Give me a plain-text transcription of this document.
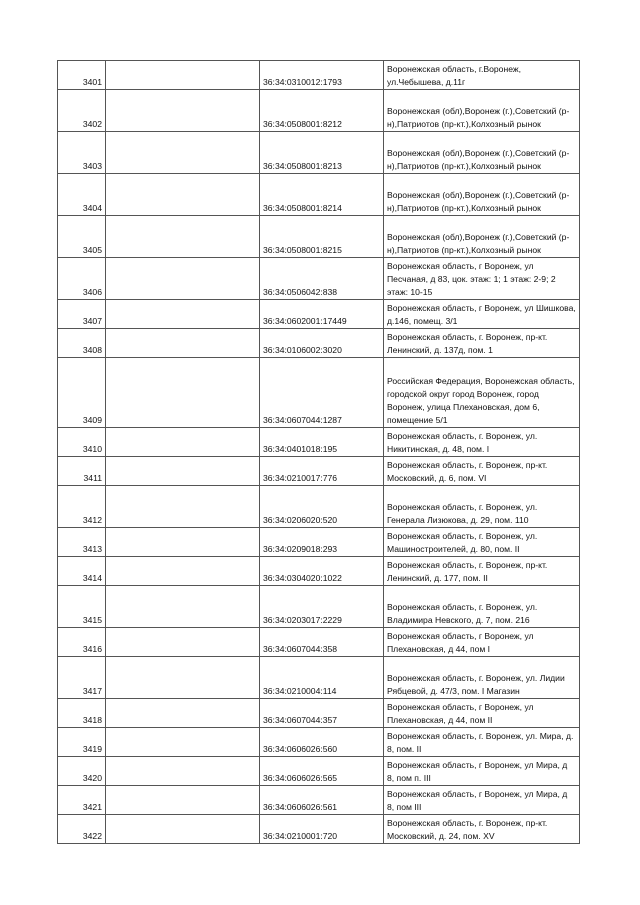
3401		36:34:0310012:1793	Воронежская область, г.Воронеж, ул.Чебышева, д.11г
3402		36:34:0508001:8212	Воронежская (обл),Воронеж (г.),Советский (р-н),Патриотов (пр-кт.),Колхозный рынок
3403		36:34:0508001:8213	Воронежская (обл),Воронеж (г.),Советский (р-н),Патриотов (пр-кт.),Колхозный рынок
3404		36:34:0508001:8214	Воронежская (обл),Воронеж (г.),Советский (р-н),Патриотов (пр-кт.),Колхозный рынок
3405		36:34:0508001:8215	Воронежская (обл),Воронеж (г.),Советский (р-н),Патриотов (пр-кт.),Колхозный рынок
3406		36:34:0506042:838	Воронежская область, г Воронеж, ул Песчаная, д 83, цок. этаж: 1; 1 этаж: 2-9; 2 этаж: 10-15
3407		36:34:0602001:17449	Воронежская область, г Воронеж, ул Шишкова, д.146, помещ. 3/1
3408		36:34:0106002:3020	Воронежская область, г. Воронеж, пр-кт. Ленинский, д. 137д, пом. 1
3409		36:34:0607044:1287	Российская Федерация, Воронежская область, городской округ город Воронеж, город Воронеж, улица Плехановская, дом 6, помещение 5/1
3410		36:34:0401018:195	Воронежская область, г. Воронеж, ул. Никитинская, д. 48, пом. I
3411		36:34:0210017:776	Воронежская область, г. Воронеж, пр-кт. Московский, д. 6, пом. VI
3412		36:34:0206020:520	Воронежская область, г. Воронеж, ул. Генерала Лизюкова, д. 29, пом. 110
3413		36:34:0209018:293	Воронежская область, г. Воронеж, ул. Машиностроителей, д. 80, пом. II
3414		36:34:0304020:1022	Воронежская область, г. Воронеж, пр-кт. Ленинский, д. 177, пом. II
3415		36:34:0203017:2229	Воронежская область, г. Воронеж, ул. Владимира Невского, д. 7, пом. 216
3416		36:34:0607044:358	Воронежская область, г Воронеж, ул Плехановская, д 44, пом I
3417		36:34:0210004:114	Воронежская область, г. Воронеж, ул. Лидии Рябцевой, д. 47/3, пом. I Магазин
3418		36:34:0607044:357	Воронежская область, г Воронеж, ул Плехановская, д 44, пом II
3419		36:34:0606026:560	Воронежская область, г. Воронеж, ул. Мира, д. 8, пом. II
3420		36:34:0606026:565	Воронежская область, г Воронеж, ул Мира, д 8, пом п. III
3421		36:34:0606026:561	Воронежская область, г Воронеж, ул Мира, д 8, пом III
3422		36:34:0210001:720	Воронежская область, г. Воронеж, пр-кт. Московский, д. 24, пом. XV
